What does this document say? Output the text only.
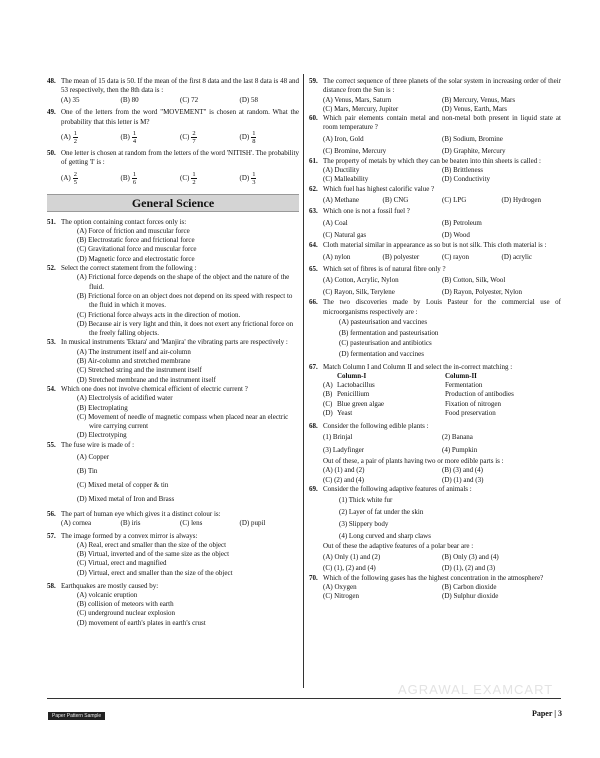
48. The mean of 15 data is 50. If the mean of the first 8 data and the last 8 data is 48 and 53 respectively, then the 8th data is :
(A) 35	(B) 80	(C) 72	(D) 58
49. One of the letters from the word "MOVEMENT" is chosen at random. What the probability that this letter is M?
$(A) \frac{1}{2}$	$(B) \frac{1}{4}$	$(C) \frac{2}{7}$	$(D) \frac{1}{8}$
50. One letter is chosen at random from the letters of the word 'NITISH'. The probability of getting 'I' is :
$(A) \frac{2}{5}$	$(B) \frac{1}{6}$	$(C) \frac{1}{2}$	$(D) \frac{1}{3}$
General Science
51. The option containing contact forces only is:
(A) Force of friction and muscular force
(B) Electrostatic force and frictional force
(C) Gravitational force and muscular force
(D) Magnetic force and electrostatic force
52. Select the correct statement from the following :
(A) Frictional force depends on the shape of the object and the nature of the fluid.
(B) Frictional force on an object does not depend on its speed with respect to the fluid in which it moves.
(C) Frictional force always acts in the direction of motion.
(D) Because air is very light and thin, it does not exert any frictional force on the freely falling objects.
53. In musical instruments 'Ektara' and 'Manjira' the vibrating parts are respectively :
(A) The instrument itself and air-column
(B) Air-column and stretched membrane
(C) Stretched string and the instrument itself
(D) Stretched membrane and the instrument itself
54. Which one does not involve chemical efficient of electric current ?
(A) Electrolysis of acidified water
(B) Electroplating
(C) Movement of needle of magnetic compass when placed near an electric wire carrying current
(D) Electrotyping
55. The fuse wire is made of :
(A) Copper
(B) Tin
(C) Mixed metal of copper & tin
(D) Mixed metal of Iron and Brass
56. The part of human eye which gives it a distinct colour is:
(A) cornea	(B) iris	(C) lens	(D) pupil
57. The image formed by a convex mirror is always:
(A) Real, erect and smaller than the size of the object
(B) Virtual, inverted and of the same size as the object
(C) Virtual, erect and magnified
(D) Virtual, erect and smaller than the size of the object
58. Earthquakes are mostly caused by:
(A) volcanic eruption
(B) collision of meteors with earth
(C) underground nuclear explosion
(D) movement of earth's plates in earth's crust
59. The correct sequence of three planets of the solar system in increasing order of their distance from the Sun is :
(A) Venus, Mars, Saturn	(B) Mercury, Venus, Mars
(C) Mars, Mercury, Jupiter	(D) Venus, Earth, Mars
60. Which pair elements contain metal and non-metal both present in liquid state at room temperature ?
(A) Iron, Gold	(B) Sodium, Bromine
(C) Bromine, Mercury	(D) Graphite, Mercury
61. The property of metals by which they can be beaten into thin sheets is called :
(A) Ductility	(B) Brittleness
(C) Malleability	(D) Conductivity
62. Which fuel has highest calorific value ?
(A) Methane	(B) CNG	(C) LPG	(D) Hydrogen
63. Which one is not a fossil fuel ?
(A) Coal	(B) Petroleum
(C) Natural gas	(D) Wood
64. Cloth material similar in appearance as so but is not silk. This cloth material is :
(A) nylon	(B) polyester	(C) rayon	(D) acrylic
65. Which set of fibres is of natural fibre only ?
(A) Cotton, Acrylic, Nylon	(B) Cotton, Silk, Wool
(C) Rayon, Silk, Terylene	(D) Rayon, Polyester, Nylon
66. The two discoveries made by Louis Pasteur for the commercial use of microorganisms respectively are :
(A) pasteurisation and vaccines
(B) fermentation and pasteurisation
(C) pasteurisation and antibiotics
(D) fermentation and vaccines
67. Match Column I and Column II and select the in-correct matching :
Column-I	Column-II
(A) Lactobacillus	Fermentation
(B) Penicillium	Production of antibodies
(C) Blue green algae	Fixation of nitrogen
(D) Yeast	Food preservation
68. Consider the following edible plants :
(1) Brinjal	(2) Banana
(3) Ladyfinger	(4) Pumpkin
Out of these, a pair of plants having two or more edible parts is :
(A) (1) and (2)	(B) (3) and (4)
(C) (2) and (4)	(D) (1) and (3)
69. Consider the following adaptive features of animals :
(1) Thick white fur
(2) Layer of fat under the skin
(3) Slippery body
(4) Long curved and sharp claws
Out of these the adaptive features of a polar bear are :
(A) Only (1) and (2)	(B) Only (3) and (4)
(C) (1), (2) and (4)	(D) (1), (2) and (3)
70. Which of the following gases has the highest concentration in the atmosphere?
(A) Oxygen	(B) Carbon dioxide
(C) Nitrogen	(D) Sulphur dioxide
AGRAWAL EXAMCART
Paper Pattern Sample	Paper | 3
